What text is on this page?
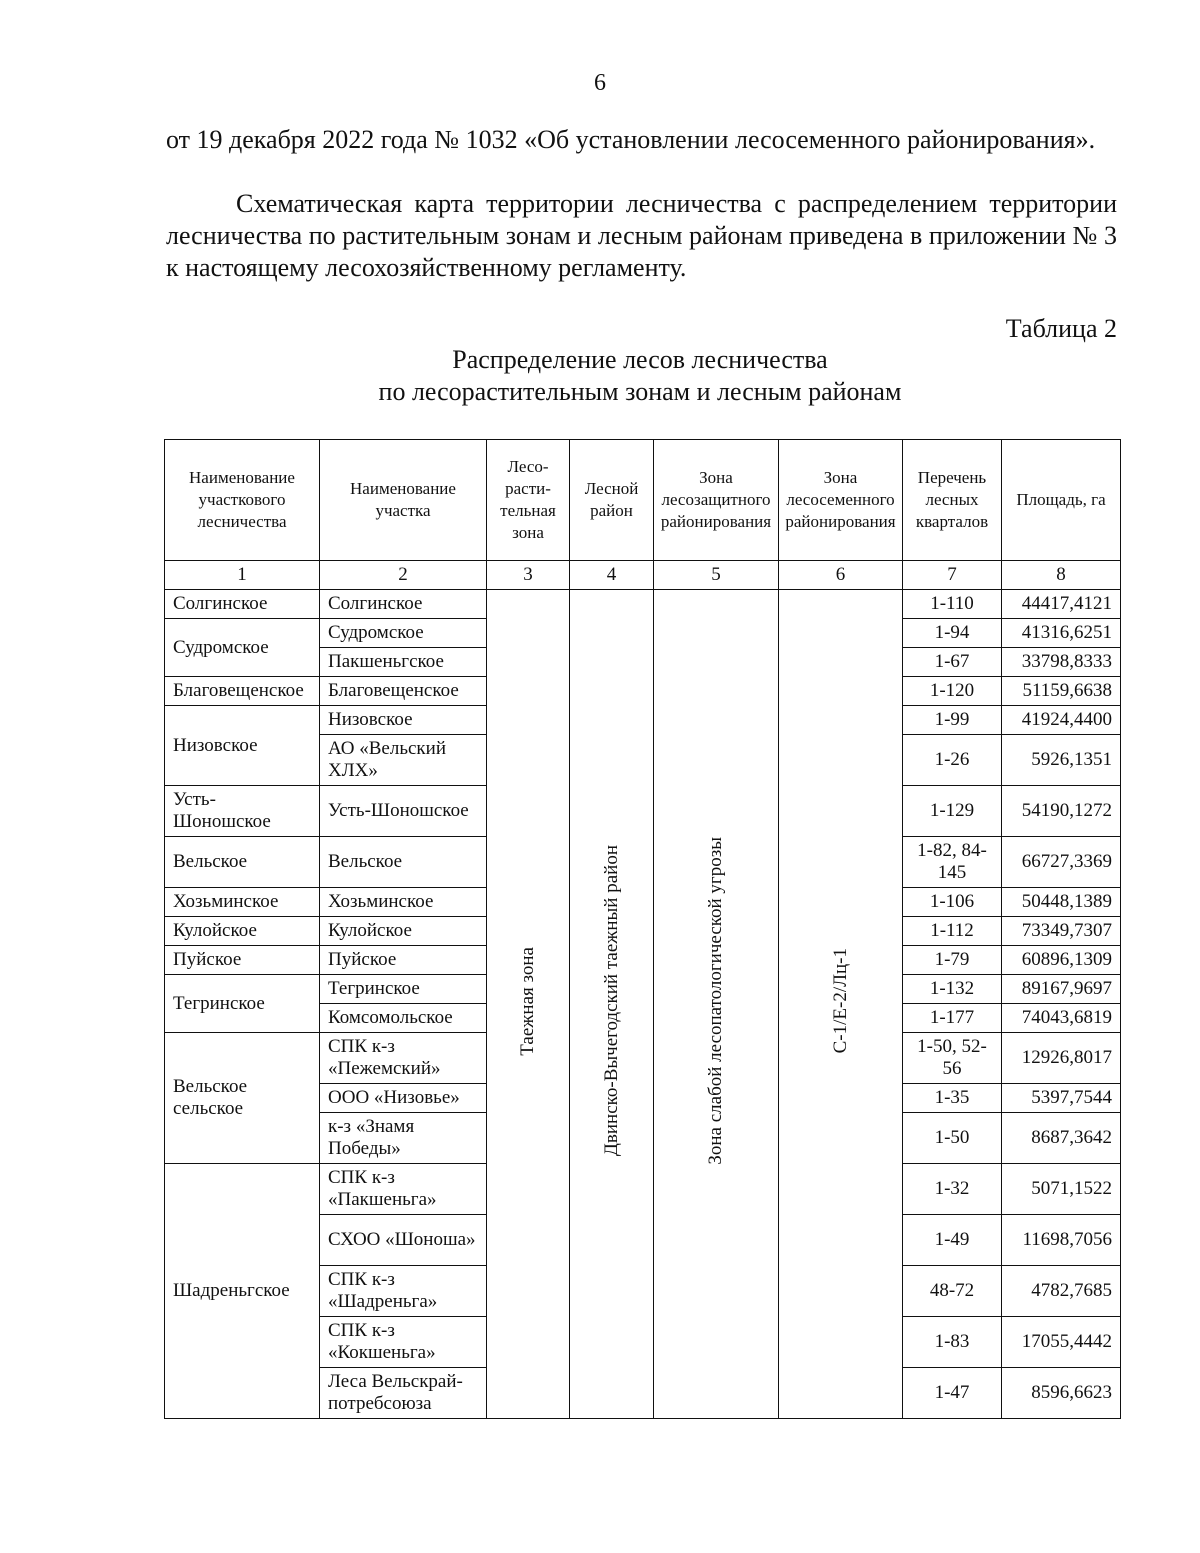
6
от 19 декабря 2022 года № 1032 «Об установлении лесосеменного районирования».
Схематическая карта территории лесничества с распределением территории лесничества по растительным зонам и лесным районам приведена в приложении № 3 к настоящему лесохозяйственному регламенту.
Таблица 2
Распределение лесов лесничества
по лесорастительным зонам и лесным районам
Наименование участкового лесничества	Наименование участка	Лесо-расти-тельная зона	Лесной район	Зона лесозащитного районирования	Зона лесосеменного районирования	Перечень лесных кварталов	Площадь, га
1	2	3	4	5	6	7	8
Солгинское	Солгинское	Таежная зона	Двинско-Вычегодский таежный район	Зона слабой лесопатологической угрозы	С-1/Е-2/Лц-1	1-110	44417,4121
Судромское	Судромское					1-94	41316,6251
	Пакшеньгское					1-67	33798,8333
Благовещенское	Благовещенское					1-120	51159,6638
Низовское	Низовское					1-99	41924,4400
	АО «Вельский ХЛХ»					1-26	5926,1351
Усть-Шоношское	Усть-Шоношское					1-129	54190,1272
Вельское	Вельское					1-82, 84-145	66727,3369
Хозьминское	Хозьминское					1-106	50448,1389
Кулойское	Кулойское					1-112	73349,7307
Пуйское	Пуйское					1-79	60896,1309
Тегринское	Тегринское					1-132	89167,9697
	Комсомольское					1-177	74043,6819
Вельское сельское	СПК к-з «Пежемский»					1-50, 52-56	12926,8017
	ООО «Низовье»					1-35	5397,7544
	к-з «Знамя Победы»					1-50	8687,3642
Шадреньгское	СПК к-з «Пакшеньга»					1-32	5071,1522
	СХОО «Шоноша»					1-49	11698,7056
	СПК к-з «Шадреньга»					48-72	4782,7685
	СПК к-з «Кокшеньга»					1-83	17055,4442
	Леса Вельскрай-потребсоюза					1-47	8596,6623
